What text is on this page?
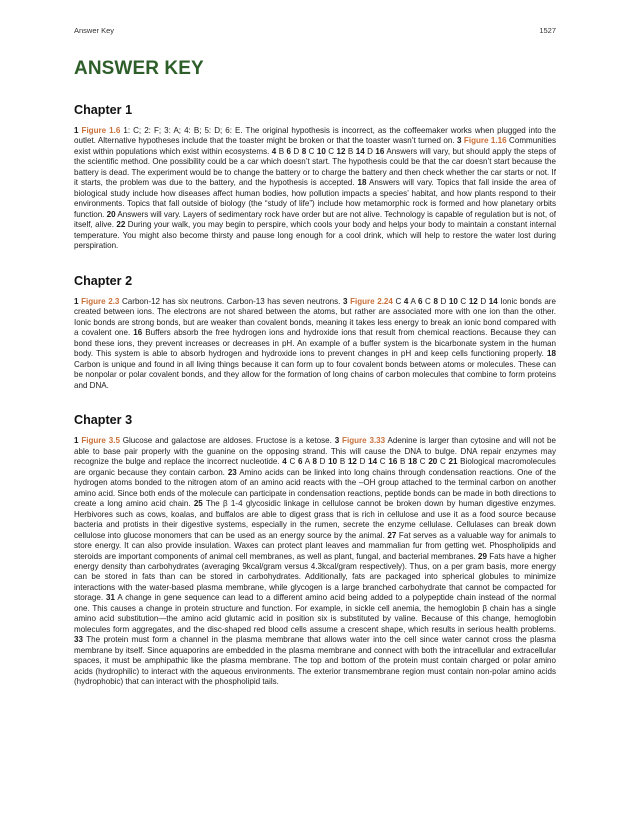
Answer Key	1527
ANSWER KEY
Chapter 1

1 Figure 1.6 1: C; 2: F; 3: A; 4: B; 5: D; 6: E. The original hypothesis is incorrect, as the coffeemaker works when plugged into the outlet. Alternative hypotheses include that the toaster might be broken or that the toaster wasn’t turned on. 3 Figure 1.16 Communities exist within populations which exist within ecosystems. 4 B 6 D 8 C 10 C 12 B 14 D 16 Answers will vary, but should apply the steps of the scientific method. One possibility could be a car which doesn’t start. The hypothesis could be that the car doesn’t start because the battery is dead. The experiment would be to change the battery or to charge the battery and then check whether the car starts or not. If it starts, the problem was due to the battery, and the hypothesis is accepted. 18 Answers will vary. Topics that fall inside the area of biological study include how diseases affect human bodies, how pollution impacts a species’ habitat, and how plants respond to their environments. Topics that fall outside of biology (the “study of life”) include how metamorphic rock is formed and how planetary orbits function. 20 Answers will vary. Layers of sedimentary rock have order but are not alive. Technology is capable of regulation but is not, of itself, alive. 22 During your walk, you may begin to perspire, which cools your body and helps your body to maintain a constant internal temperature. You might also become thirsty and pause long enough for a cool drink, which will help to restore the water lost during perspiration.

Chapter 2

1 Figure 2.3 Carbon-12 has six neutrons. Carbon-13 has seven neutrons. 3 Figure 2.24 C 4 A 6 C 8 D 10 C 12 D 14 Ionic bonds are created between ions. The electrons are not shared between the atoms, but rather are associated more with one ion than the other. Ionic bonds are strong bonds, but are weaker than covalent bonds, meaning it takes less energy to break an ionic bond compared with a covalent one. 16 Buffers absorb the free hydrogen ions and hydroxide ions that result from chemical reactions. Because they can bond these ions, they prevent increases or decreases in pH. An example of a buffer system is the bicarbonate system in the human body. This system is able to absorb hydrogen and hydroxide ions to prevent changes in pH and keep cells functioning properly. 18 Carbon is unique and found in all living things because it can form up to four covalent bonds between atoms or molecules. These can be nonpolar or polar covalent bonds, and they allow for the formation of long chains of carbon molecules that combine to form proteins and DNA.

Chapter 3

1 Figure 3.5 Glucose and galactose are aldoses. Fructose is a ketose. 3 Figure 3.33 Adenine is larger than cytosine and will not be able to base pair properly with the guanine on the opposing strand. This will cause the DNA to bulge. DNA repair enzymes may recognize the bulge and replace the incorrect nucleotide. 4 C 6 A 8 D 10 B 12 D 14 C 16 B 18 C 20 C 21 Biological macromolecules are organic because they contain carbon. 23 Amino acids can be linked into long chains through condensation reactions. One of the hydrogen atoms bonded to the nitrogen atom of an amino acid reacts with the –OH group attached to the terminal carbon on another amino acid. Since both ends of the molecule can participate in condensation reactions, peptide bonds can be made in both directions to create a long amino acid chain. 25 The β 1-4 glycosidic linkage in cellulose cannot be broken down by human digestive enzymes. Herbivores such as cows, koalas, and buffalos are able to digest grass that is rich in cellulose and use it as a food source because bacteria and protists in their digestive systems, especially in the rumen, secrete the enzyme cellulase. Cellulases can break down cellulose into glucose monomers that can be used as an energy source by the animal. 27 Fat serves as a valuable way for animals to store energy. It can also provide insulation. Waxes can protect plant leaves and mammalian fur from getting wet. Phospholipids and steroids are important components of animal cell membranes, as well as plant, fungal, and bacterial membranes. 29 Fats have a higher energy density than carbohydrates (averaging 9kcal/gram versus 4.3kcal/gram respectively). Thus, on a per gram basis, more energy can be stored in fats than can be stored in carbohydrates. Additionally, fats are packaged into spherical globules to minimize interactions with the water-based plasma membrane, while glycogen is a large branched carbohydrate that cannot be compacted for storage. 31 A change in gene sequence can lead to a different amino acid being added to a polypeptide chain instead of the normal one. This causes a change in protein structure and function. For example, in sickle cell anemia, the hemoglobin β chain has a single amino acid substitution—the amino acid glutamic acid in position six is substituted by valine. Because of this change, hemoglobin molecules form aggregates, and the disc-shaped red blood cells assume a crescent shape, which results in serious health problems. 33 The protein must form a channel in the plasma membrane that allows water into the cell since water cannot cross the plasma membrane by itself. Since aquaporins are embedded in the plasma membrane and connect with both the intracellular and extracellular spaces, it must be amphipathic like the plasma membrane. The top and bottom of the protein must contain charged or polar amino acids (hydrophilic) to interact with the aqueous environments. The exterior transmembrane region must contain non-polar amino acids (hydrophobic) that can interact with the phospholipid tails.
